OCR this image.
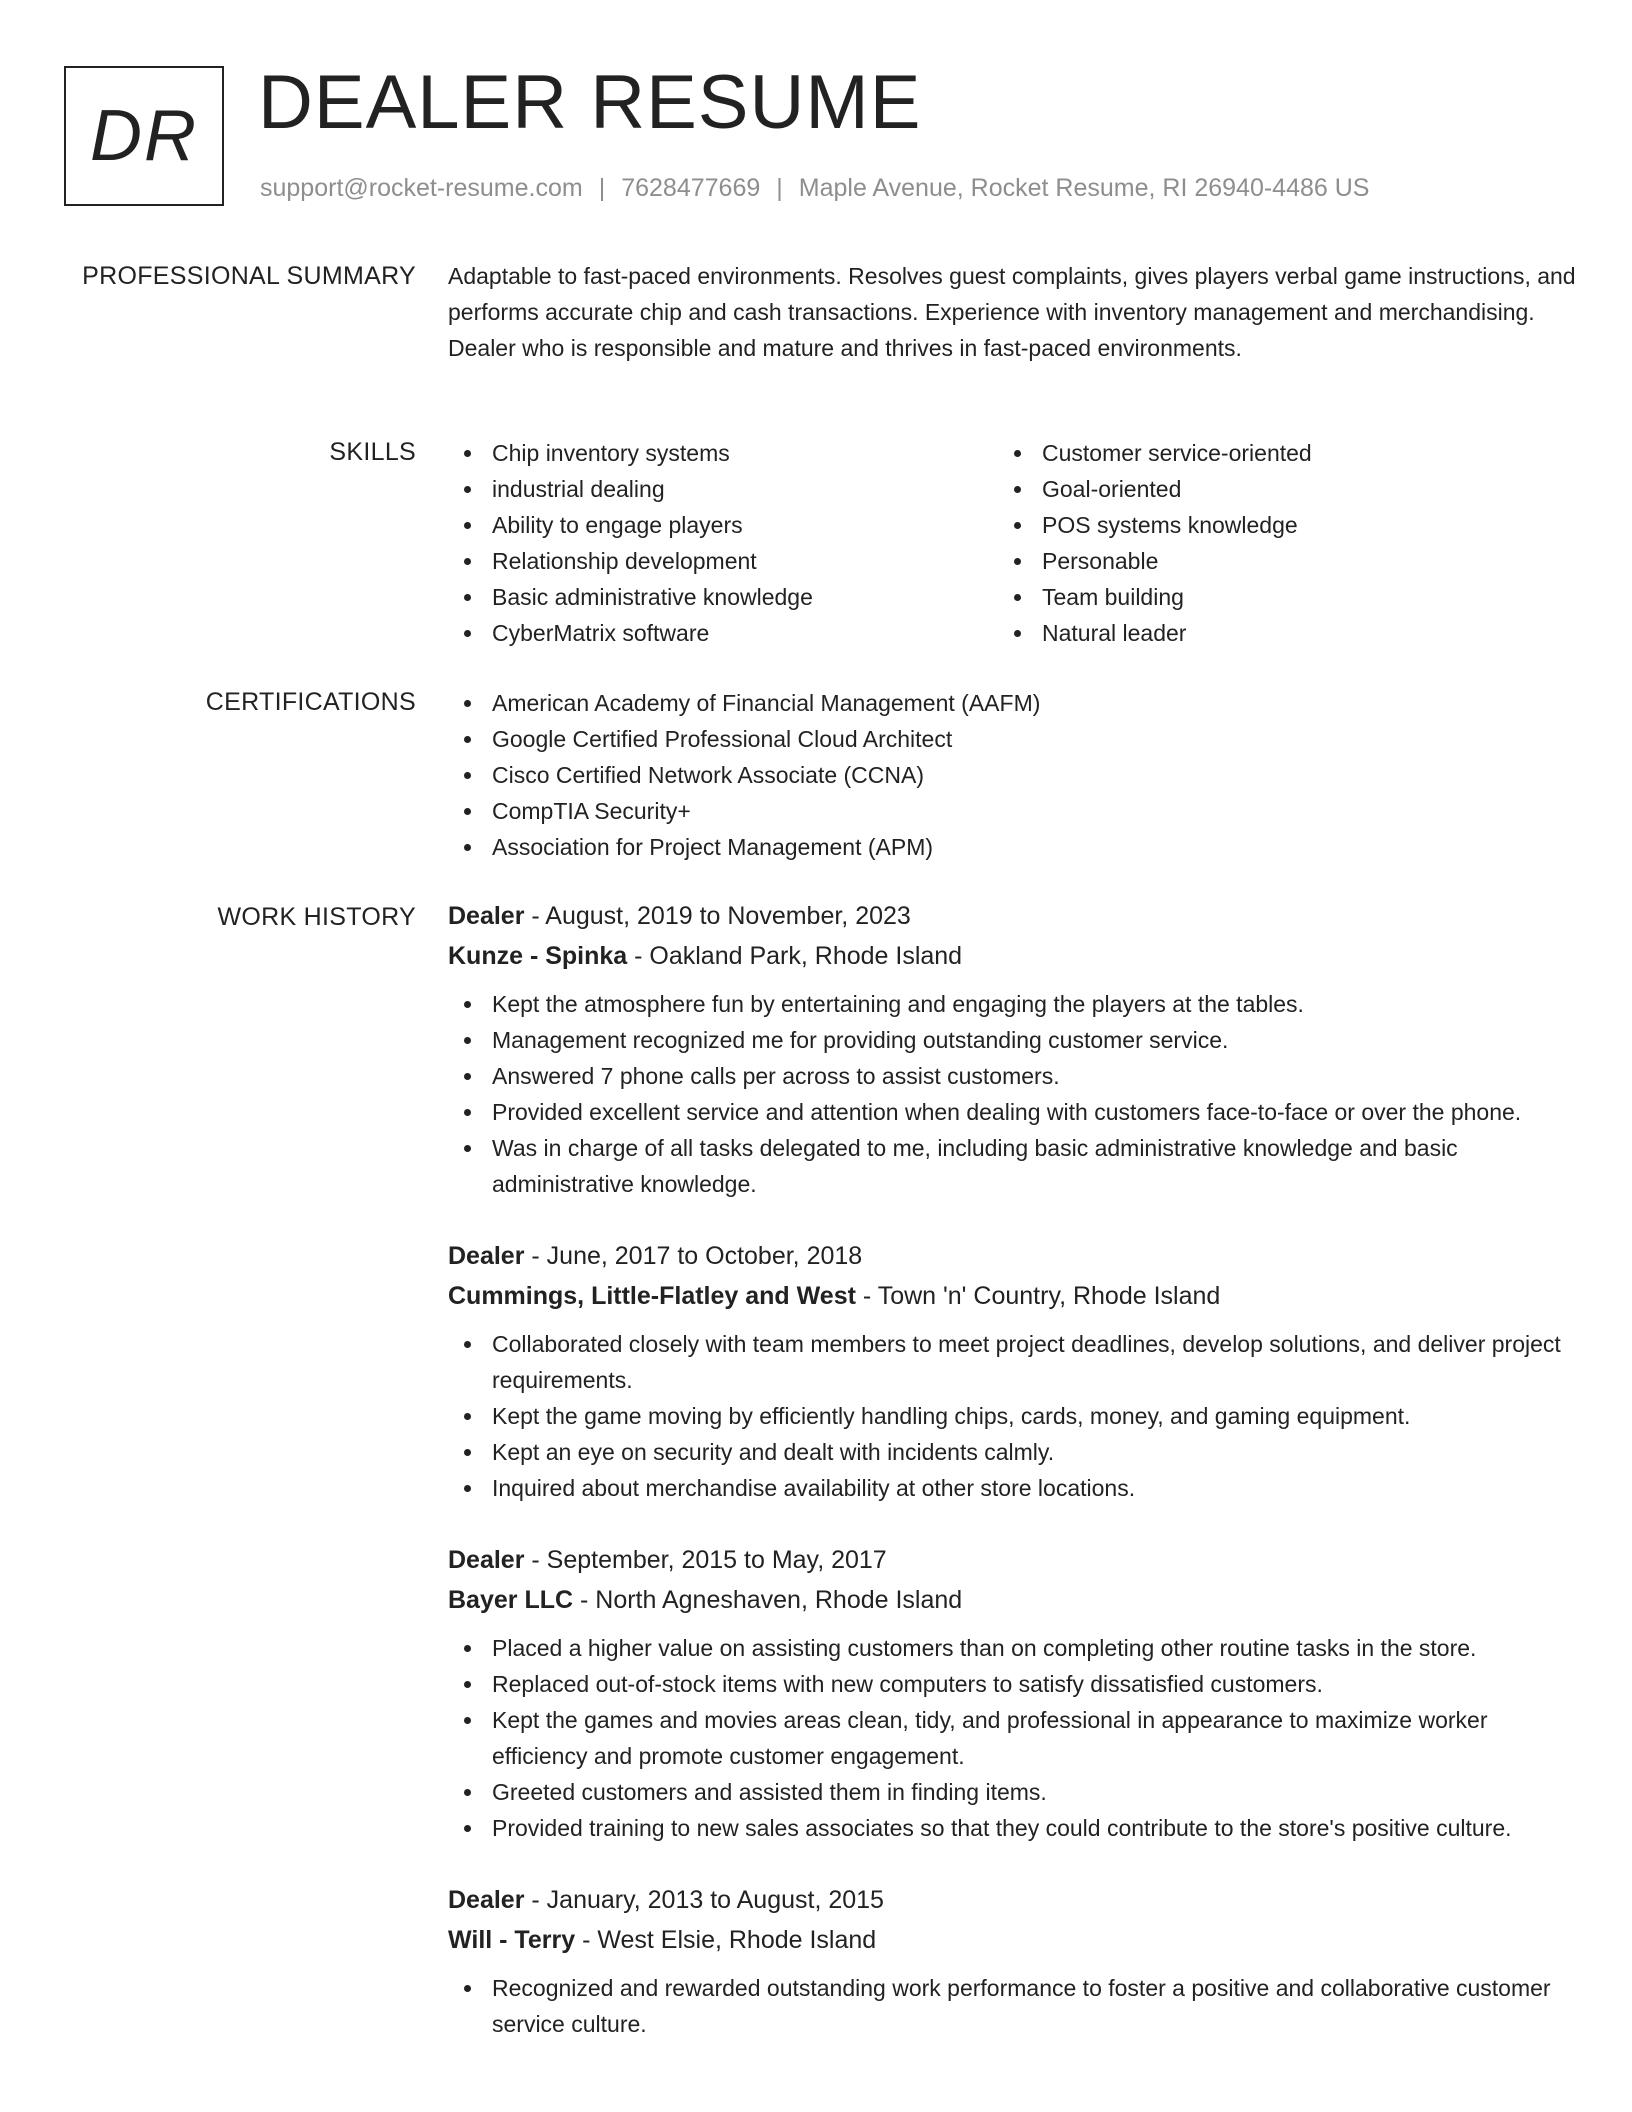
DR DEALER RESUME
support@rocket-resume.com | 7628477669 | Maple Avenue, Rocket Resume, RI 26940-4486 US
PROFESSIONAL SUMMARY Adaptable to fast-paced environments. Resolves guest complaints, gives players verbal game instructions, and performs accurate chip and cash transactions. Experience with inventory management and merchandising. Dealer who is responsible and mature and thrives in fast-paced environments.

SKILLS	Chip inventory systems
industrial dealing
Ability to engage players
Relationship development
Basic administrative knowledge
CyberMatrix software
Customer service-oriented
Goal-oriented
POS systems knowledge
Personable
Team building
Natural leader
CERTIFICATIONS	American Academy of Financial Management (AAFM)
Google Certified Professional Cloud Architect
Cisco Certified Network Associate (CCNA)
CompTIA Security+
Association for Project Management (APM)
WORK HISTORY Dealer - August, 2019 to November, 2023
Kunze - Spinka - Oakland Park, Rhode Island
Kept the atmosphere fun by entertaining and engaging the players at the tables.
Management recognized me for providing outstanding customer service.
Answered 7 phone calls per across to assist customers.
Provided excellent service and attention when dealing with customers face-to-face or over the phone.
Was in charge of all tasks delegated to me, including basic administrative knowledge and basic administrative knowledge.
Dealer - June, 2017 to October, 2018
Cummings, Little-Flatley and West - Town 'n' Country, Rhode Island
Collaborated closely with team members to meet project deadlines, develop solutions, and deliver project requirements.
Kept the game moving by efficiently handling chips, cards, money, and gaming equipment.
Kept an eye on security and dealt with incidents calmly.
Inquired about merchandise availability at other store locations.
Dealer - September, 2015 to May, 2017
Bayer LLC - North Agneshaven, Rhode Island
Placed a higher value on assisting customers than on completing other routine tasks in the store.
Replaced out-of-stock items with new computers to satisfy dissatisfied customers.
Kept the games and movies areas clean, tidy, and professional in appearance to maximize worker efficiency and promote customer engagement.
Greeted customers and assisted them in finding items.
Provided training to new sales associates so that they could contribute to the store's positive culture.
Dealer - January, 2013 to August, 2015
Will - Terry - West Elsie, Rhode Island
Recognized and rewarded outstanding work performance to foster a positive and collaborative customer service culture.
